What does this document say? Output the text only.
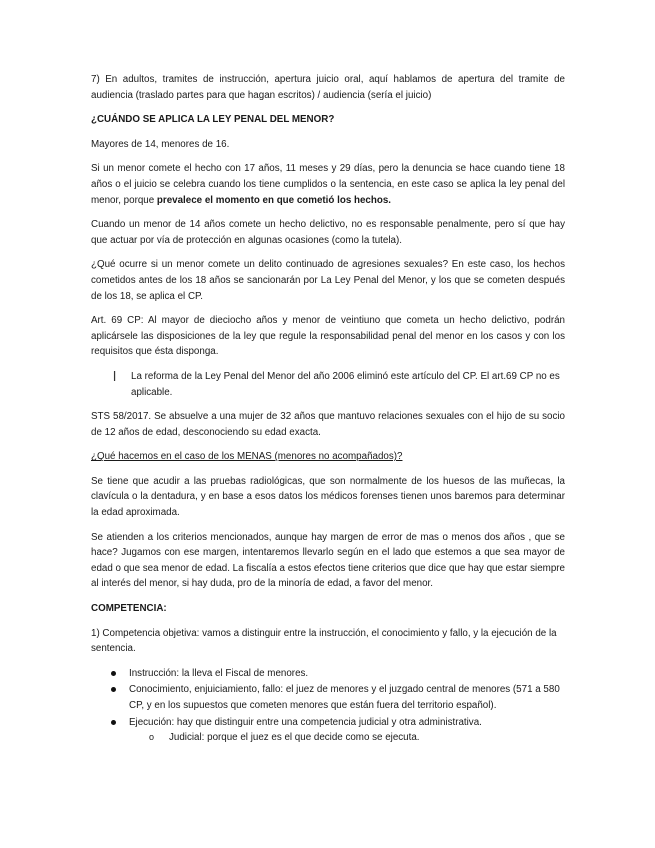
7) En adultos, tramites de instrucción, apertura juicio oral, aquí hablamos de apertura del tramite de audiencia (traslado partes para que hagan escritos) / audiencia (sería el juicio)

¿CUÁNDO SE APLICA LA LEY PENAL DEL MENOR?

Mayores de 14, menores de 16.

Si un menor comete el hecho con 17 años, 11 meses y 29 días, pero la denuncia se hace cuando tiene 18 años o el juicio se celebra cuando los tiene cumplidos o la sentencia, en este caso se aplica la ley penal del menor, porque prevalece el momento en que cometió los hechos.

Cuando un menor de 14 años comete un hecho delictivo, no es responsable penalmente, pero sí que hay que actuar por vía de protección en algunas ocasiones (como la tutela).

¿Qué ocurre si un menor comete un delito continuado de agresiones sexuales? En este caso, los hechos cometidos antes de los 18 años se sancionarán por La Ley Penal del Menor, y los que se cometen después de los 18, se aplica el CP.

Art. 69 CP: Al mayor de dieciocho años y menor de veintiuno que cometa un hecho delictivo, podrán aplicársele las disposiciones de la ley que regule la responsabilidad penal del menor en los casos y con los requisitos que ésta disponga.

l	La reforma de la Ley Penal del Menor del año 2006 eliminó este artículo del CP. El art.69 CP no es aplicable.

STS 58/2017. Se absuelve a una mujer de 32 años que mantuvo relaciones sexuales con el hijo de su socio de 12 años de edad, desconociendo su edad exacta.

¿Qué hacemos en el caso de los MENAS (menores no acompañados)?

Se tiene que acudir a las pruebas radiológicas, que son normalmente de los huesos de las muñecas, la clavícula o la dentadura, y en base a esos datos los médicos forenses tienen unos baremos para determinar la edad aproximada.

Se atienden a los criterios mencionados, aunque hay margen de error de mas o menos dos años , que se hace? Jugamos con ese margen, intentaremos llevarlo según en el lado que estemos a que sea mayor de edad o que sea menor de edad. La fiscalía a estos efectos tiene criterios que dice que hay que estar siempre al interés del menor, si hay duda, pro de la minoría de edad, a favor del menor.

COMPETENCIA:

1) Competencia objetiva: vamos a distinguir entre la instrucción, el conocimiento y fallo, y la ejecución de la sentencia.

Instrucción: la lleva el Fiscal de menores.
Conocimiento, enjuiciamiento, fallo: el juez de menores y el juzgado central de menores (571 a 580 CP, y en los supuestos que cometen menores que están fuera del territorio español).
Ejecución: hay que distinguir entre una competencia judicial y otra administrativa.
o Judicial: porque el juez es el que decide como se ejecuta.
